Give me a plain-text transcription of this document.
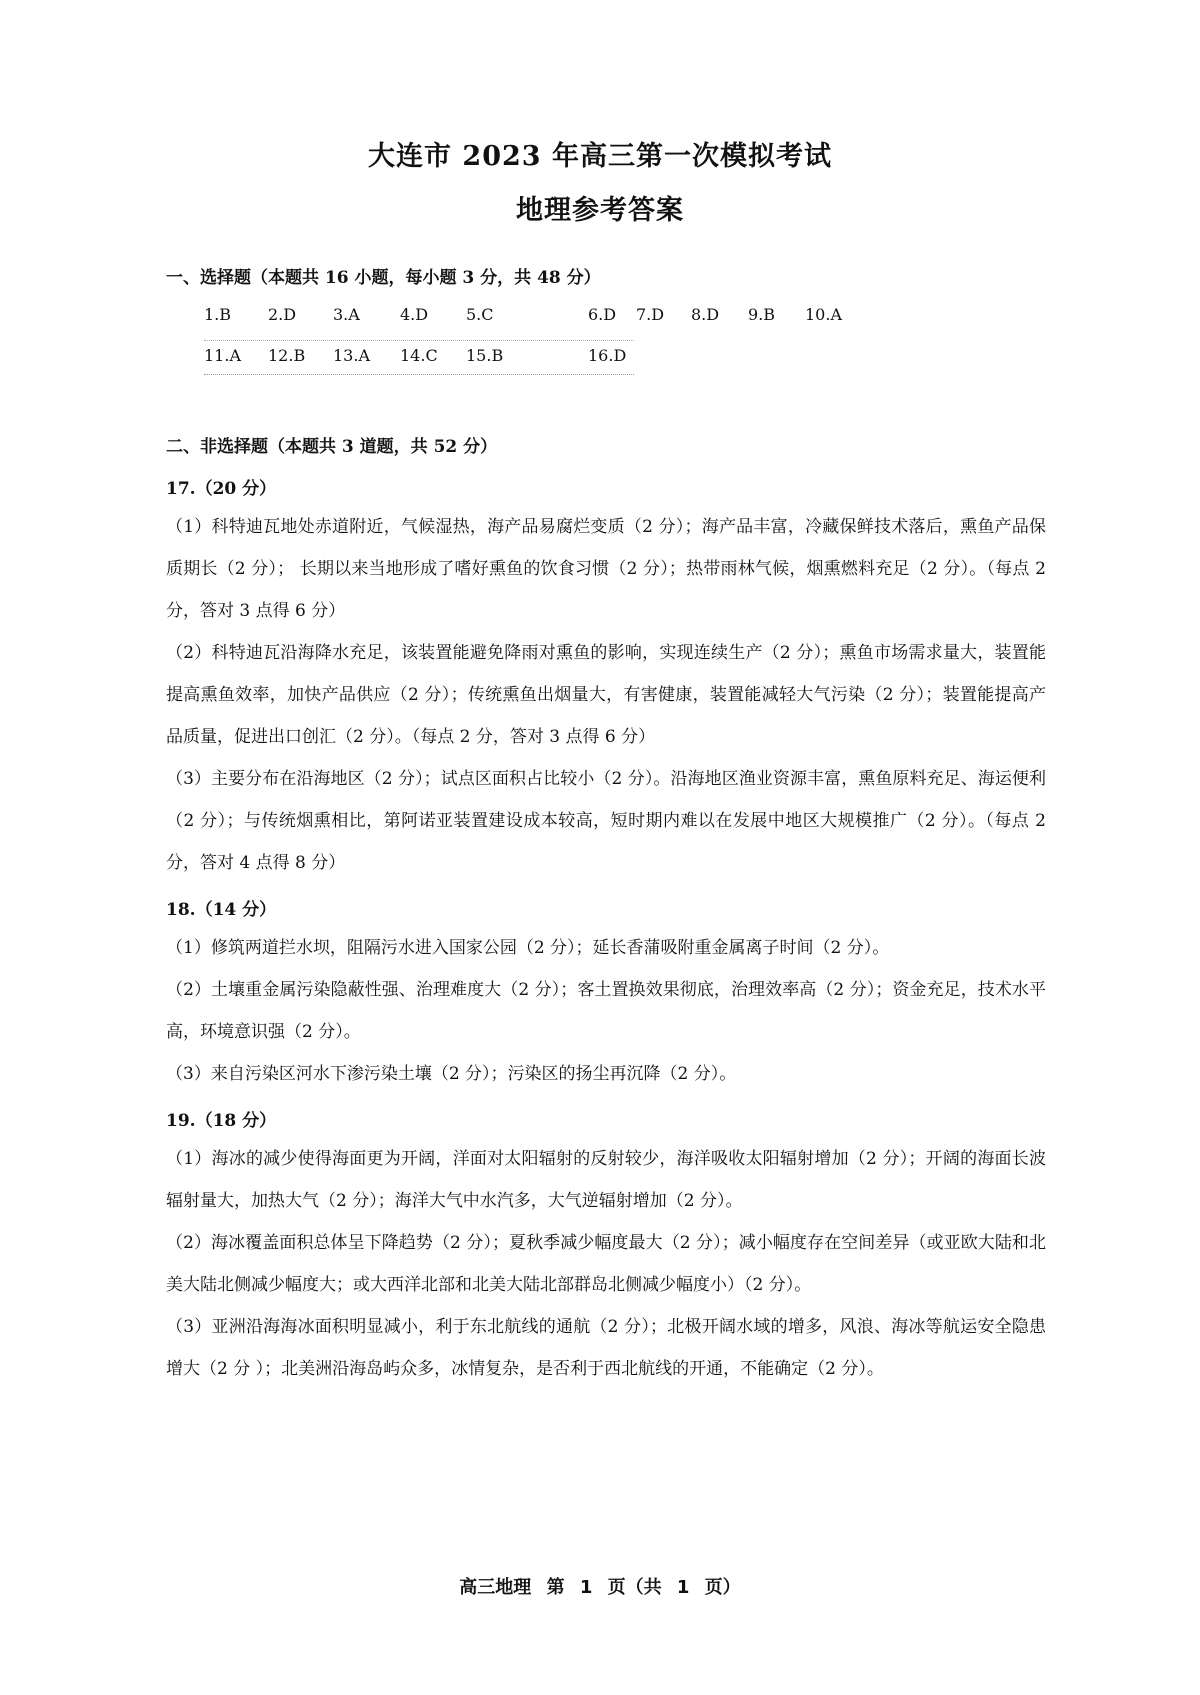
大连市 2023 年高三第一次模拟考试
地理参考答案
一、选择题（本题共 16 小题，每小题 3 分，共 48 分）
1.B 2.D 3.A	4.D 5.C	6.D 7.D 8.D 9.B 10.A
11.A 12.B 13.A 14.C 15.B	16.D
二、非选择题（本题共 3 道题，共 52 分）
17.（20 分）
（1）科特迪瓦地处赤道附近，气候湿热，海产品易腐烂变质（2 分）；海产品丰富，冷藏保鲜技术落后，熏鱼产品保质期长（2 分）； 长期以来当地形成了嗜好熏鱼的饮食习惯（2 分）；热带雨林气候，烟熏燃料充足（2 分）。（每点 2 分，答对 3 点得 6 分）
（2）科特迪瓦沿海降水充足，该装置能避免降雨对熏鱼的影响，实现连续生产（2 分）；熏鱼市场需求量大，装置能提高熏鱼效率，加快产品供应（2 分）；传统熏鱼出烟量大，有害健康，装置能减轻大气污染（2 分）；装置能提高产品质量，促进出口创汇（2 分）。（每点 2 分，答对 3 点得 6 分）
（3）主要分布在沿海地区（2 分）；试点区面积占比较小（2 分）。沿海地区渔业资源丰富，熏鱼原料充足、海运便利（2 分）；与传统烟熏相比，第阿诺亚装置建设成本较高，短时期内难以在发展中地区大规模推广（2 分）。（每点 2 分，答对 4 点得 8 分）
18.（14 分）
（1）修筑两道拦水坝，阻隔污水进入国家公园（2 分）；延长香蒲吸附重金属离子时间（2 分）。
（2）土壤重金属污染隐蔽性强、治理难度大（2 分）；客土置换效果彻底，治理效率高（2 分）；资金充足，技术水平高，环境意识强（2 分）。
（3）来自污染区河水下渗污染土壤（2 分）；污染区的扬尘再沉降（2 分）。
19.（18 分）
（1）海冰的减少使得海面更为开阔，洋面对太阳辐射的反射较少，海洋吸收太阳辐射增加（2 分）；开阔的海面长波辐射量大，加热大气（2 分）；海洋大气中水汽多，大气逆辐射增加（2 分）。
（2）海冰覆盖面积总体呈下降趋势（2 分）；夏秋季减少幅度最大（2 分）；减小幅度存在空间差异（或亚欧大陆和北美大陆北侧减少幅度大；或大西洋北部和北美大陆北部群岛北侧减少幅度小）（2 分）。
（3）亚洲沿海海冰面积明显减小，利于东北航线的通航（2 分）；北极开阔水域的增多，风浪、海冰等航运安全隐患增大（2 分 ）；北美洲沿海岛屿众多，冰情复杂，是否利于西北航线的开通，不能确定（2 分）。
高三地理 第 1 页（共 1 页）
